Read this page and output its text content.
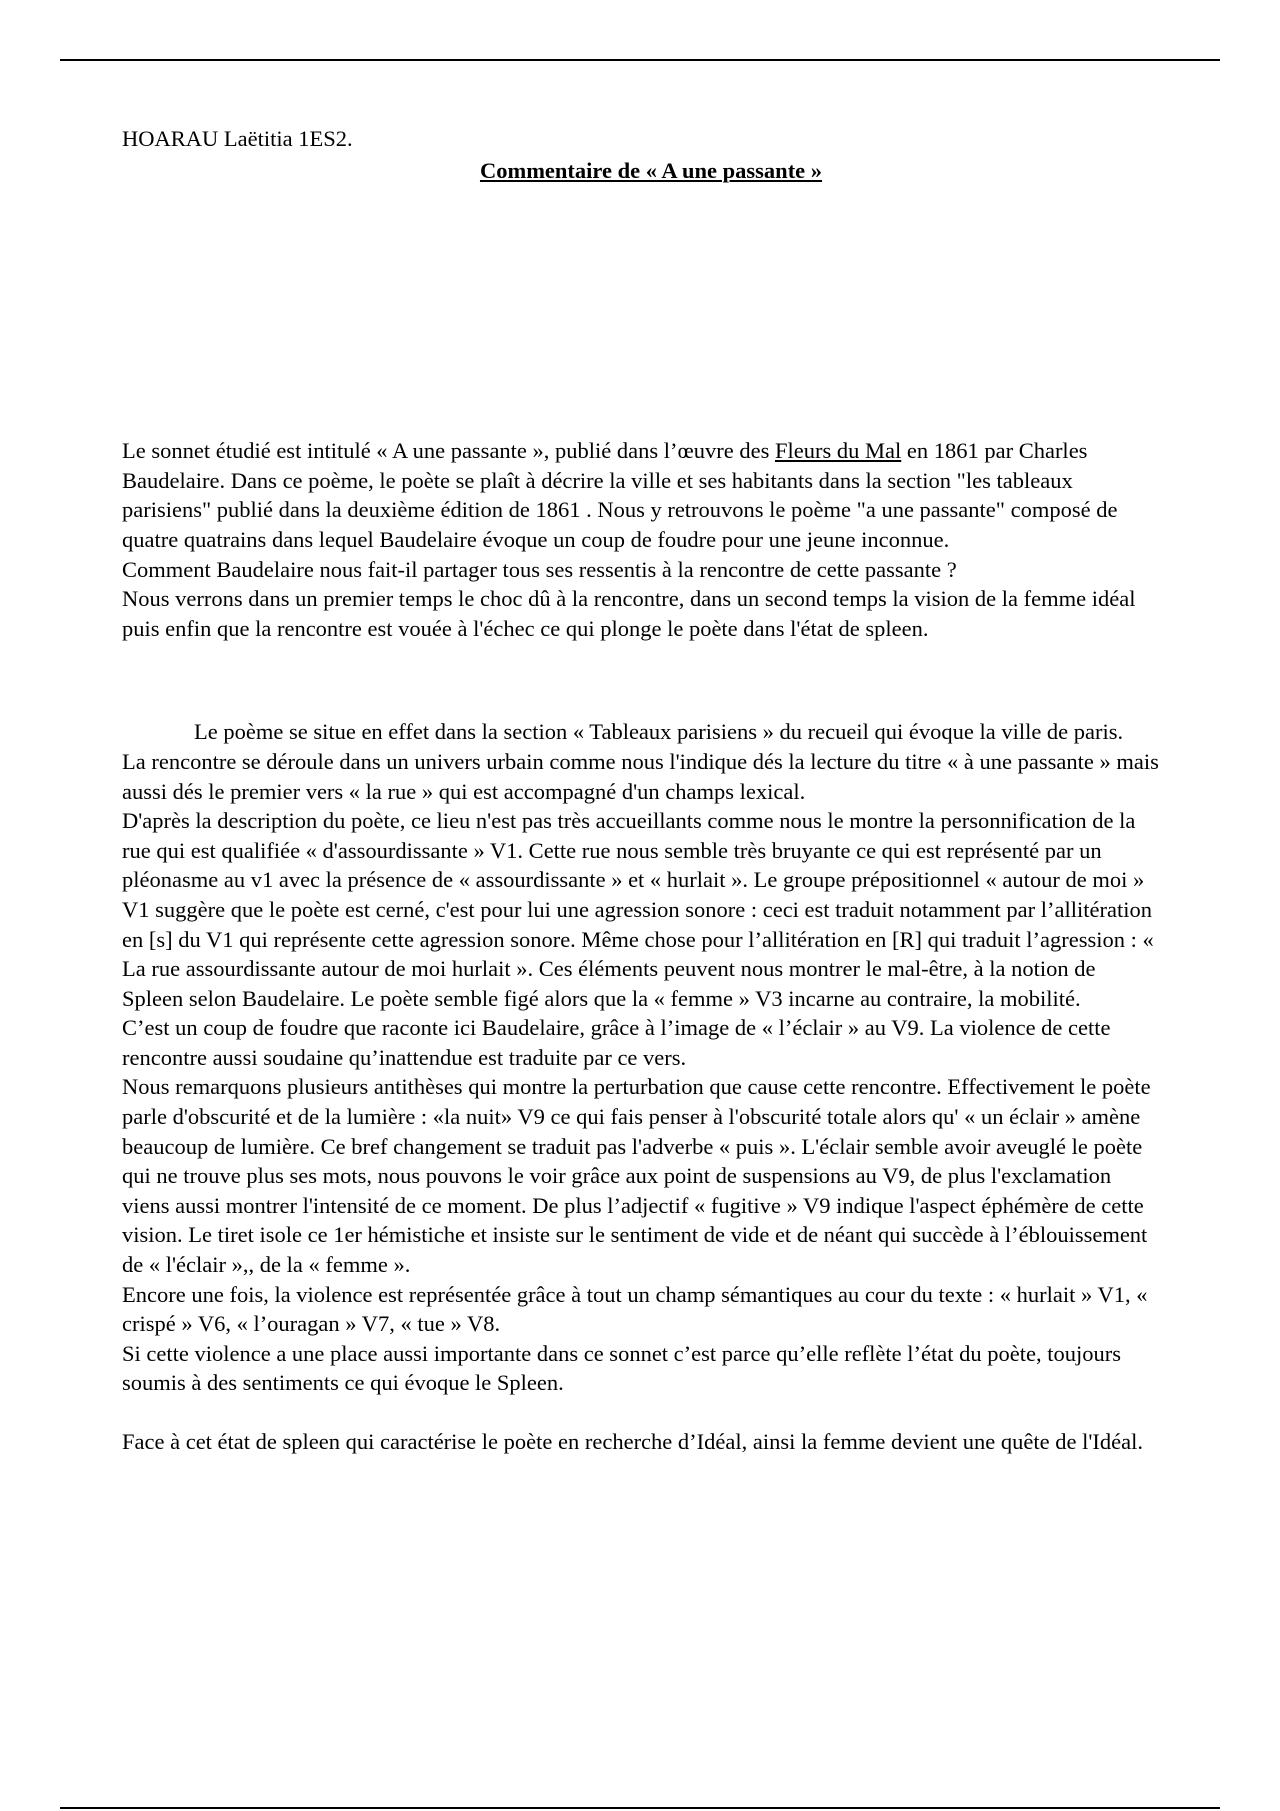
HOARAU Laëtitia 1ES2.

Commentaire de « A une passante »

Le sonnet étudié est intitulé « A une passante », publié dans l’œuvre des Fleurs du Mal en 1861 par Charles Baudelaire. Dans ce poème, le poète se plaît à décrire la ville et ses habitants dans la section "les tableaux parisiens" publié dans la deuxième édition de 1861 . Nous y retrouvons le poème "a une passante" composé de quatre quatrains dans lequel Baudelaire évoque un coup de foudre pour une jeune inconnue.

Comment Baudelaire nous fait-il partager tous ses ressentis à la rencontre de cette passante ?

Nous verrons dans un premier temps le choc dû à la rencontre, dans un second temps la vision de la femme idéal puis enfin que la rencontre est vouée à l'échec ce qui plonge le poète dans l'état de spleen.

Le poème se situe en effet dans la section « Tableaux parisiens » du recueil qui évoque la ville de paris.

La rencontre se déroule dans un univers urbain comme nous l'indique dés la lecture du titre « à une passante » mais aussi dés le premier vers « la rue » qui est accompagné d'un champs lexical.

D'après la description du poète, ce lieu n'est pas très accueillants comme nous le montre la personnification de la rue qui est qualifiée « d'assourdissante » V1. Cette rue nous semble très bruyante ce qui est représenté par un pléonasme au v1 avec la présence de « assourdissante » et « hurlait ». Le groupe prépositionnel « autour de moi » V1 suggère que le poète est cerné, c'est pour lui une agression sonore : ceci est traduit notamment par l’allitération en [s] du V1 qui représente cette agression sonore. Même chose pour l’allitération en [R] qui traduit l’agression : « La rue assourdissante autour de moi hurlait ». Ces éléments peuvent nous montrer le mal-être, à la notion de Spleen selon Baudelaire. Le poète semble figé alors que la « femme » V3 incarne au contraire, la mobilité.

C’est un coup de foudre que raconte ici Baudelaire, grâce à l’image de « l’éclair » au V9. La violence de cette rencontre aussi soudaine qu’inattendue est traduite par ce vers.

Nous remarquons plusieurs antithèses qui montre la perturbation que cause cette rencontre. Effectivement le poète parle d'obscurité et de la lumière : «la nuit» V9 ce qui fais penser à l'obscurité totale alors qu' « un éclair » amène beaucoup de lumière. Ce bref changement se traduit pas l'adverbe « puis ». L'éclair semble avoir aveuglé le poète qui ne trouve plus ses mots, nous pouvons le voir grâce aux point de suspensions au V9, de plus l'exclamation viens aussi montrer l'intensité de ce moment. De plus l’adjectif « fugitive » V9 indique l'aspect éphémère de cette vision. Le tiret isole ce 1er hémistiche et insiste sur le sentiment de vide et de néant qui succède à l’éblouissement de « l'éclair »,, de la « femme ».

Encore une fois, la violence est représentée grâce à tout un champ sémantiques au cour du texte : « hurlait » V1, « crispé » V6, « l’ouragan » V7, « tue » V8.

Si cette violence a une place aussi importante dans ce sonnet c’est parce qu’elle reflète l’état du poète, toujours soumis à des sentiments ce qui évoque le Spleen.

Face à cet état de spleen qui caractérise le poète en recherche d’Idéal, ainsi la femme devient une quête de l'Idéal.
